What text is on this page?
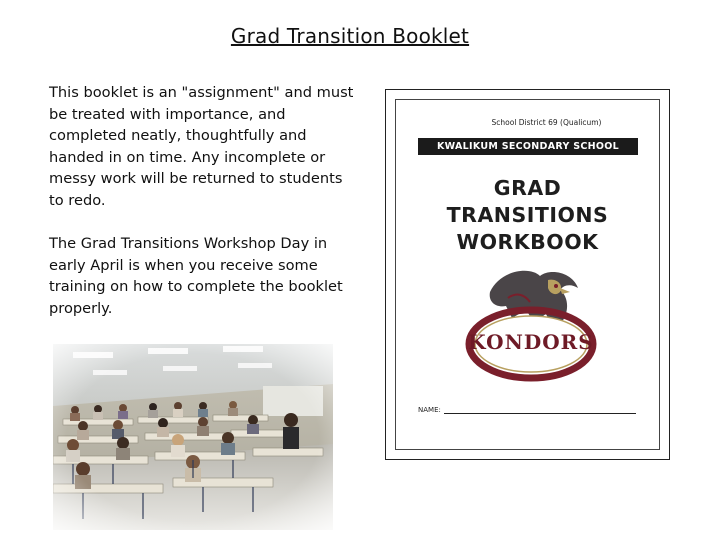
Grad Transition Booklet

This booklet is an "assignment" and must be treated with importance, and completed neatly, thoughtfully and handed in on time. Any incomplete or messy work will be returned to students to redo.

The Grad Transitions Workshop Day in early April is when you receive some training on how to complete the booklet properly.

School District 69 (Qualicum)
KWALIKUM SECONDARY SCHOOL
GRAD
TRANSITIONS
WORKBOOK
KONDORS
NAME:
